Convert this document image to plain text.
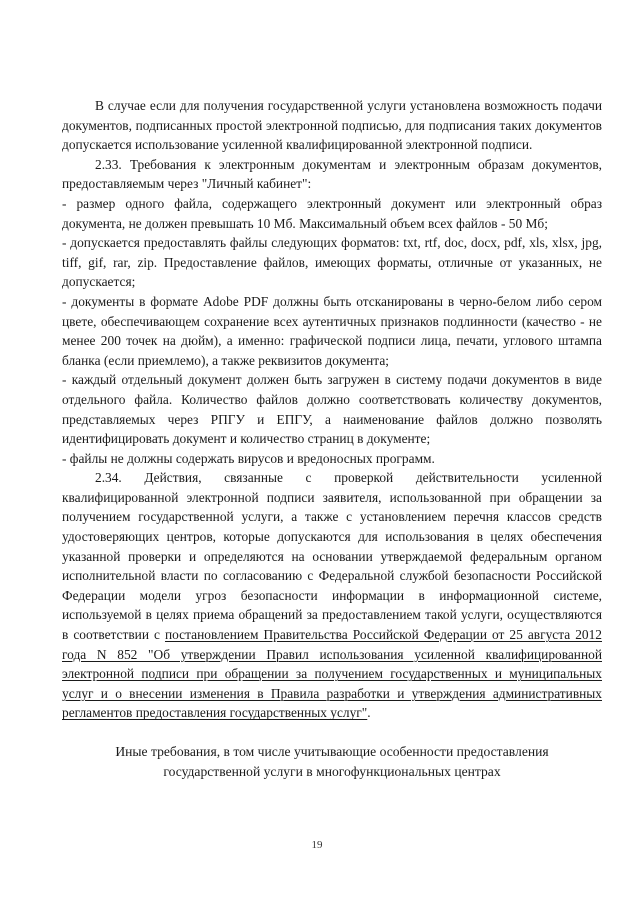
В случае если для получения государственной услуги установлена возможность подачи документов, подписанных простой электронной подписью, для подписания таких документов допускается использование усиленной квалифицированной электронной подписи.

2.33. Требования к электронным документам и электронным образам документов, предоставляемым через "Личный кабинет":

- размер одного файла, содержащего электронный документ или электронный образ документа, не должен превышать 10 Мб. Максимальный объем всех файлов - 50 Мб;

- допускается предоставлять файлы следующих форматов: txt, rtf, doc, docx, pdf, xls, xlsx, jpg, tiff, gif, rar, zip. Предоставление файлов, имеющих форматы, отличные от указанных, не допускается;

- документы в формате Adobe PDF должны быть отсканированы в черно-белом либо сером цвете, обеспечивающем сохранение всех аутентичных признаков подлинности (качество - не менее 200 точек на дюйм), а именно: графической подписи лица, печати, углового штампа бланка (если приемлемо), а также реквизитов документа;

- каждый отдельный документ должен быть загружен в систему подачи документов в виде отдельного файла. Количество файлов должно соответствовать количеству документов, представляемых через РПГУ и ЕПГУ, а наименование файлов должно позволять идентифицировать документ и количество страниц в документе;

- файлы не должны содержать вирусов и вредоносных программ.

2.34. Действия, связанные с проверкой действительности усиленной квалифицированной электронной подписи заявителя, использованной при обращении за получением государственной услуги, а также с установлением перечня классов средств удостоверяющих центров, которые допускаются для использования в целях обеспечения указанной проверки и определяются на основании утверждаемой федеральным органом исполнительной власти по согласованию с Федеральной службой безопасности Российской Федерации модели угроз безопасности информации в информационной системе, используемой в целях приема обращений за предоставлением такой услуги, осуществляются в соответствии с постановлением Правительства Российской Федерации от 25 августа 2012 года N 852 "Об утверждении Правил использования усиленной квалифицированной электронной подписи при обращении за получением государственных и муниципальных услуг и о внесении изменения в Правила разработки и утверждения административных регламентов предоставления государственных услуг".

Иные требования, в том числе учитывающие особенности предоставления
государственной услуги в многофункциональных центрах

19
